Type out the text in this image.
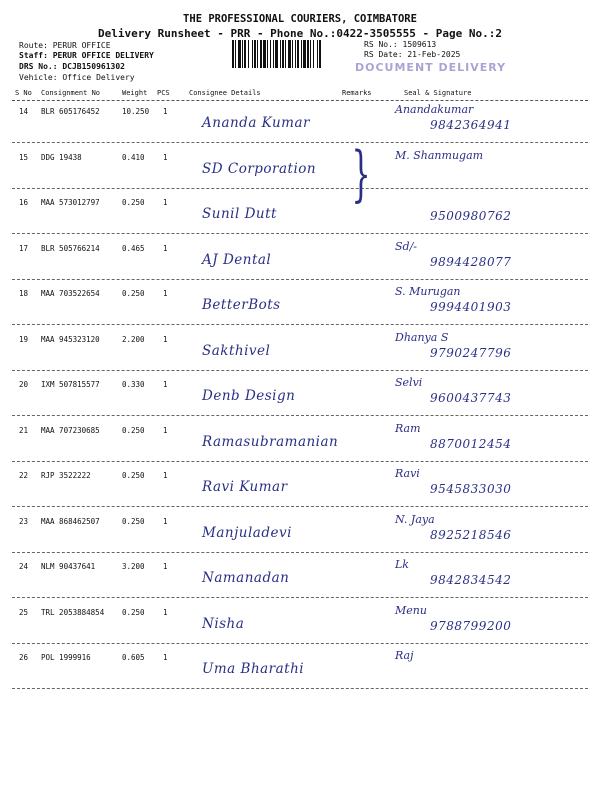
THE PROFESSIONAL COURIERS, COIMBATORE
Delivery Runsheet - PRR - Phone No.:0422-3505555 - Page No.:2
Route: PERUR OFFICE
Staff: PERUR OFFICE DELIVERY
DRS No.: DCJB150961302
Vehicle: Office Delivery
RS No.: 1509613
RS Date: 21-Feb-2025
DOCUMENT DELIVERY
S No Consignment No	Weight PCS	Consignee Details	Remarks	Seal & Signature
14 BLR 605176452	10.250 1
Ananda Kumar
Anandakumar
9842364941
15 DDG 19438	0.410 1
SD Corporation
M. Shanmugam
16 MAA 573012797	0.250 1
Sunil Dutt	9500980762
17 BLR 505766214	0.465 1
AJ Dental
Sd/-
9894428077
18 MAA 703522654	0.250 1
BetterBots
S. Murugan
9994401903
19 MAA 945323120	2.200 1
Sakthivel
Dhanya S
9790247796
20 IXM 507815577	0.330 1
Denb Design
Selvi
9600437743
21 MAA 707230685	0.250 1
Ramasubramanian
Ram
8870012454
22 RJP 3522222	0.250 1
Ravi Kumar
Ravi
9545833030
23 MAA 868462507	0.250 1
Manjuladevi
N. Jaya
8925218546
24 NLM 90437641	3.200 1
Namanadan
Lk
9842834542
25 TRL 2053884854 0.250 1
Nisha
Menu
9788799200
26 POL 1999916	0.605 1
Uma Bharathi
Raj
}
